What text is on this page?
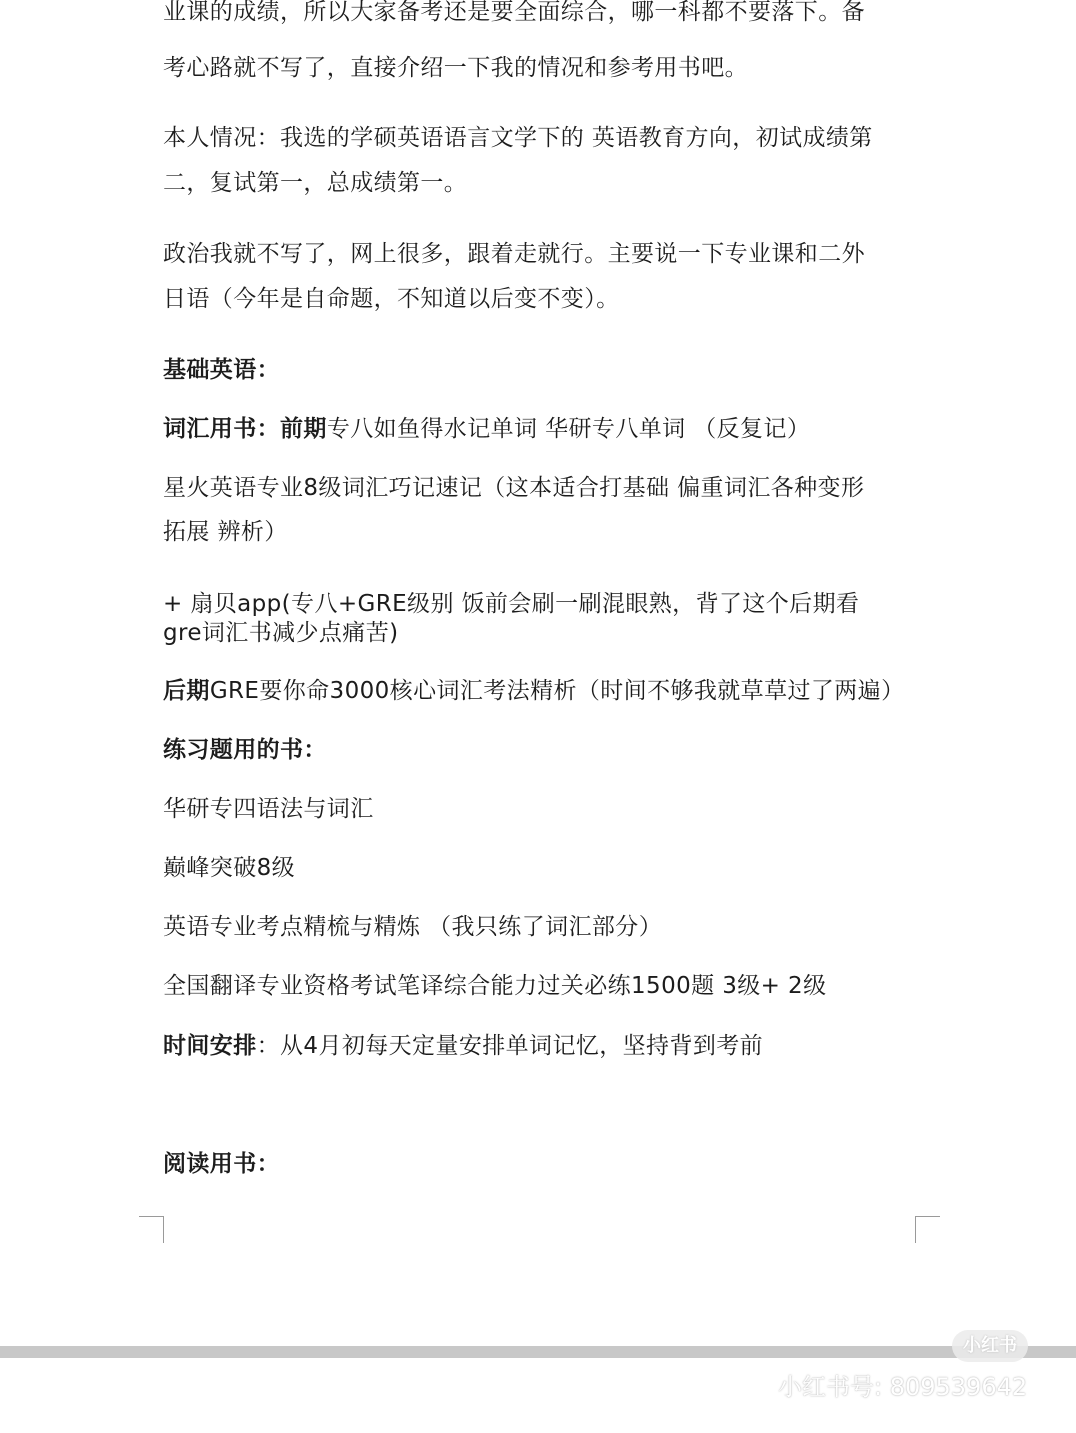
业课的成绩，所以大家备考还是要全面综合，哪一科都不要落下。备
考心路就不写了，直接介绍一下我的情况和参考用书吧。
本人情况：我选的学硕英语语言文学下的 英语教育方向，初试成绩第
二，复试第一，总成绩第一。
政治我就不写了，网上很多，跟着走就行。主要说一下专业课和二外
日语（今年是自命题，不知道以后变不变）。
基础英语：
词汇用书：前期专八如鱼得水记单词 华研专八单词 （反复记）
星火英语专业8级词汇巧记速记（这本适合打基础 偏重词汇各种变形
拓展 辨析）
+ 扇贝app(专八+GRE级别 饭前会刷一刷混眼熟，背了这个后期看
gre词汇书减少点痛苦)
后期GRE要你命3000核心词汇考法精析（时间不够我就草草过了两遍）
练习题用的书：
华研专四语法与词汇
巅峰突破8级
英语专业考点精梳与精炼 （我只练了词汇部分）
全国翻译专业资格考试笔译综合能力过关必练1500题 3级+ 2级
时间安排：从4月初每天定量安排单词记忆，坚持背到考前
阅读用书：
小红书
小红书号: 809539642
